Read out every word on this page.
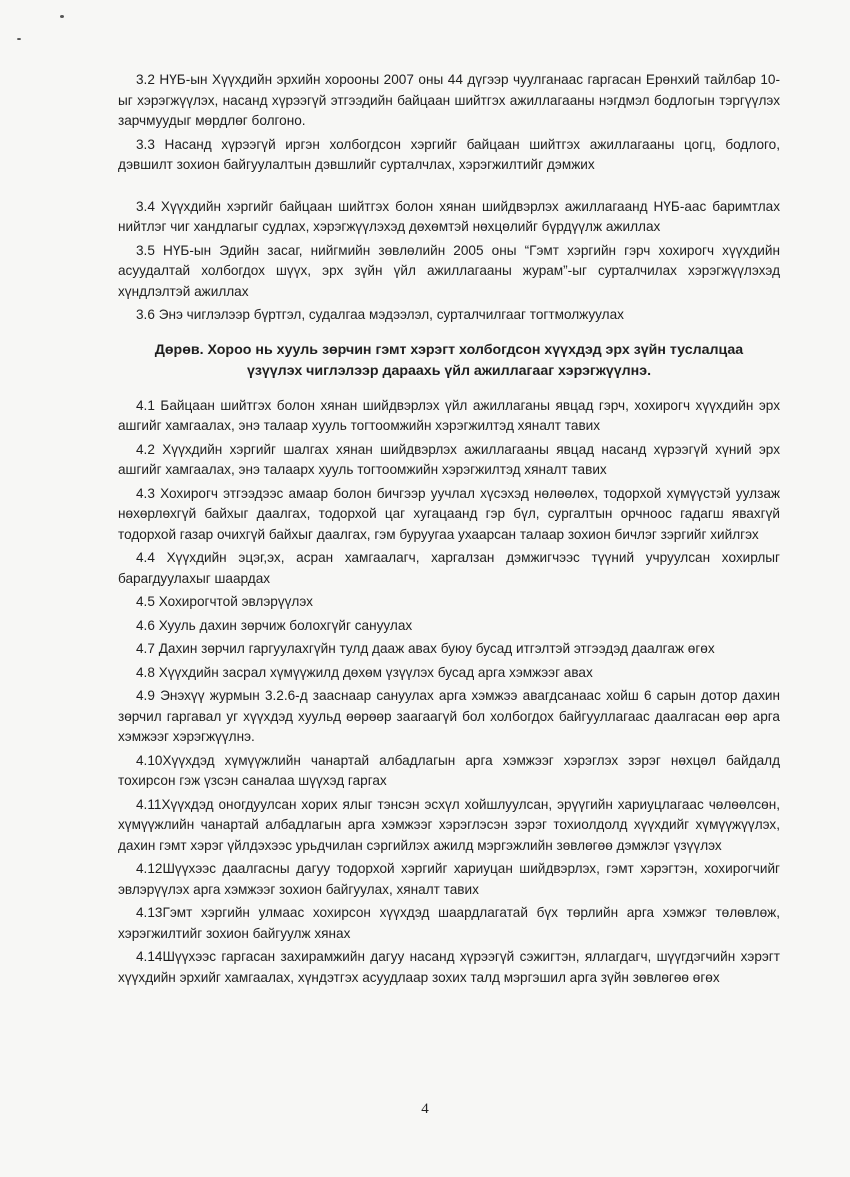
3.2 НҮБ-ын Хүүхдийн эрхийн хорооны 2007 оны 44 дүгээр чуулганаас гаргасан Ерөнхий тайлбар 10-ыг хэрэгжүүлэх, насанд хүрээгүй этгээдийн байцаан шийтгэх ажиллагааны нэгдмэл бодлогын тэргүүлэх зарчмуудыг мөрдлөг болгоно.
3.3 Насанд хүрээгүй иргэн холбогдсон хэргийг байцаан шийтгэх ажиллагааны цогц, бодлого, дэвшилт зохион байгуулалтын дэвшлийг сурталчлах, хэрэгжилтийг дэмжих
3.4 Хүүхдийн хэргийг байцаан шийтгэх болон хянан шийдвэрлэх ажиллагаанд НҮБ-аас баримтлах нийтлэг чиг хандлагыг судлах, хэрэгжүүлэхэд дөхөмтэй нөхцөлийг бүрдүүлж ажиллах
3.5 НҮБ-ын Эдийн засаг, нийгмийн зөвлөлийн 2005 оны “Гэмт хэргийн гэрч хохирогч хүүхдийн асуудалтай холбогдох шүүх, эрх зүйн үйл ажиллагааны журам”-ыг сурталчилах хэрэгжүүлэхэд хүндлэлтэй ажиллах
3.6 Энэ чиглэлээр бүртгэл, судалгаа мэдээлэл, сурталчилгааг тогтмолжуулах
Дөрөв. Хороо нь хууль зөрчин гэмт хэрэгт холбогдсон хүүхдэд эрх зүйн туслалцаа үзүүлэх чиглэлээр дараахь үйл ажиллагааг хэрэгжүүлнэ.
4.1 Байцаан шийтгэх болон хянан шийдвэрлэх үйл ажиллаганы явцад гэрч, хохирогч хүүхдийн эрх ашгийг хамгаалах, энэ талаар хууль тогтоомжийн хэрэгжилтэд хяналт тавих
4.2 Хүүхдийн хэргийг шалгах хянан шийдвэрлэх ажиллагааны явцад насанд хүрээгүй хүний эрх ашгийг хамгаалах, энэ талаарх хууль тогтоомжийн хэрэгжилтэд хяналт тавих
4.3 Хохирогч этгээдээс амаар болон бичгээр уучлал хүсэхэд нөлөөлөх, тодорхой хүмүүстэй уулзаж нөхөрлөхгүй байхыг даалгах, тодорхой цаг хугацаанд гэр бүл, сургалтын орчноос гадагш явахгүй тодорхой газар очихгүй байхыг даалгах, гэм буруугаа ухаарсан талаар зохион бичлэг зэргийг хийлгэх
4.4 Хүүхдийн эцэг,эх, асран хамгаалагч, харгалзан дэмжигчээс түүний учруулсан хохирлыг барагдуулахыг шаардах
4.5 Хохирогчтой эвлэрүүлэх
4.6 Хууль дахин зөрчиж болохгүйг сануулах
4.7 Дахин зөрчил гаргуулахгүйн тулд дааж авах буюу бусад итгэлтэй этгээдэд даалгаж өгөх
4.8 Хүүхдийн засрал хүмүүжилд дөхөм үзүүлэх бусад арга хэмжээг авах
4.9 Энэхүү журмын 3.2.6-д зааснаар сануулах арга хэмжээ авагдсанаас хойш 6 сарын дотор дахин зөрчил гаргавал уг хүүхдэд хуульд өөрөөр заагаагүй бол холбогдох байгууллагаас даалгасан өөр арга хэмжээг хэрэгжүүлнэ.
4.10Хүүхдэд хүмүүжлийн чанартай албадлагын арга хэмжээг хэрэглэх зэрэг нөхцөл байдалд тохирсон гэж үзсэн саналаа шүүхэд гаргах
4.11Хүүхдэд оногдуулсан хорих ялыг тэнсэн эсхүл хойшлуулсан, эрүүгийн хариуцлагаас чөлөөлсөн, хүмүүжлийн чанартай албадлагын арга хэмжээг хэрэглэсэн зэрэг тохиолдолд хүүхдийг хүмүүжүүлэх, дахин гэмт хэрэг үйлдэхээс урьдчилан сэргийлэх ажилд мэргэжлийн зөвлөгөө дэмжлэг үзүүлэх
4.12Шүүхээс даалгасны дагуу тодорхой хэргийг хариуцан шийдвэрлэх, гэмт хэрэгтэн, хохирогчийг эвлэрүүлэх арга хэмжээг зохион байгуулах, хяналт тавих
4.13Гэмт хэргийн улмаас хохирсон хүүхдэд шаардлагатай бүх төрлийн арга хэмжэг төлөвлөж, хэрэгжилтийг зохион байгуулж хянах
4.14Шүүхээс гаргасан захирамжийн дагуу насанд хүрээгүй сэжигтэн, яллагдагч, шүүгдэгчийн хэрэгт хүүхдийн эрхийг хамгаалах, хүндэтгэх асуудлаар зохих талд мэргэшил арга зүйн зөвлөгөө өгөх
4
